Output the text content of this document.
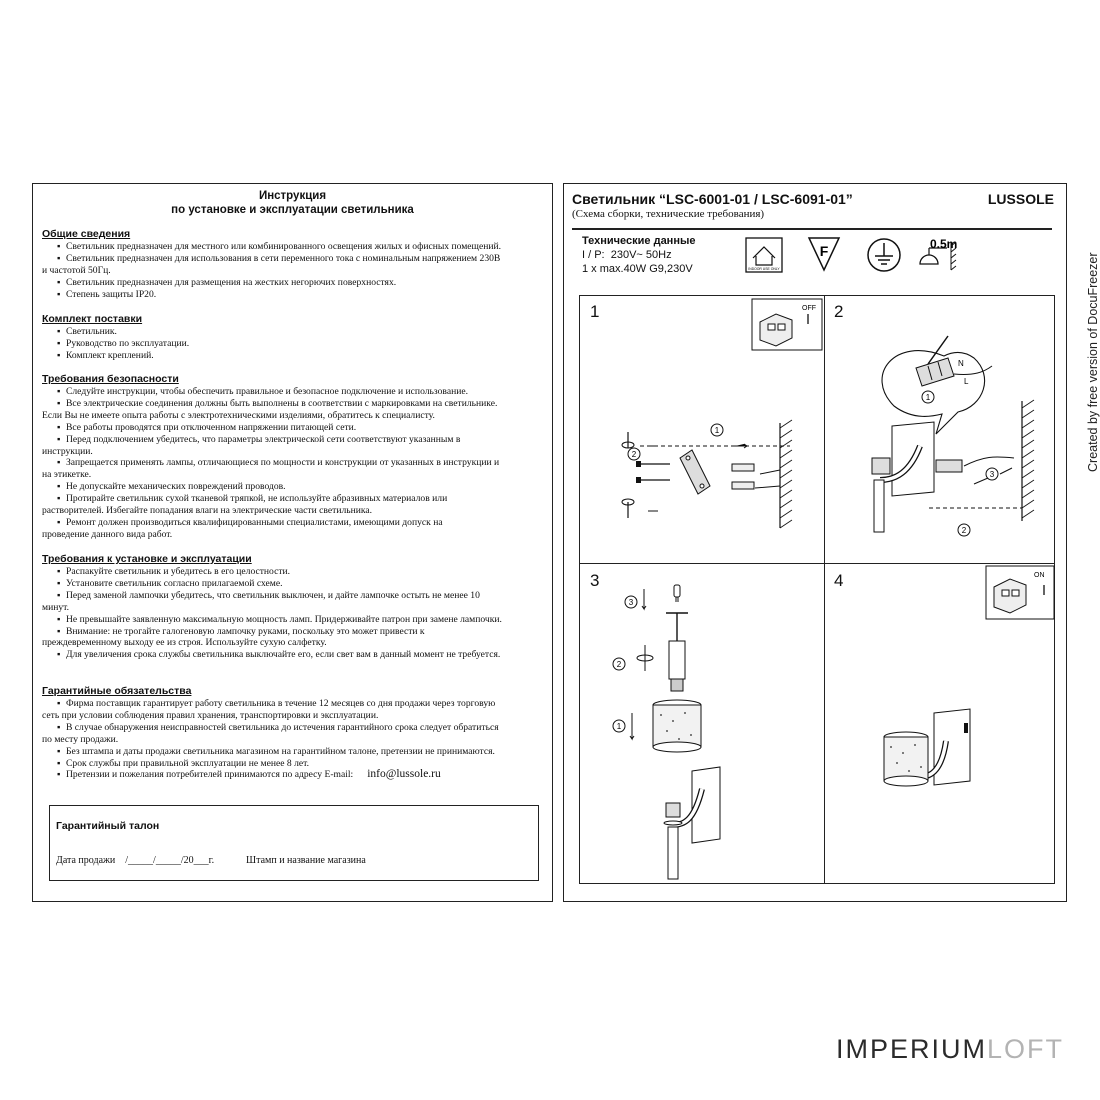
Инструкция
по установке и эксплуатации светильника
Общие сведения
▪ Светильник предназначен для местного или комбинированного освещения жилых и офисных помещений.
▪ Светильник предназначен для использования в сети переменного тока с номинальным напряжением 230В
и частотой 50Гц.
▪ Светильник предназначен для размещения на жестких негорючих поверхностях.
▪ Степень защиты IP20.
Комплект поставки
▪ Светильник.
▪ Руководство по эксплуатации.
▪ Комплект креплений.
Требования безопасности
▪ Следуйте инструкции, чтобы обеспечить правильное и безопасное подключение и использование.
▪ Все электрические соединения должны быть выполнены в соответствии с маркировками на светильнике.
Если Вы не имеете опыта работы с электротехническими изделиями, обратитесь к специалисту.
▪ Все работы проводятся при отключенном напряжении питающей сети.
▪ Перед подключением убедитесь, что параметры электрической сети соответствуют указанным в
инструкции.
▪ Запрещается применять лампы, отличающиеся по мощности и конструкции от указанных в инструкции и
на этикетке.
▪ Не допускайте механических повреждений проводов.
▪ Протирайте светильник сухой тканевой тряпкой, не используйте абразивных материалов или
растворителей. Избегайте попадания влаги на электрические части светильника.
▪ Ремонт должен производиться квалифицированными специалистами, имеющими допуск на
проведение данного вида работ.
Требования к установке и эксплуатации
▪ Распакуйте светильник и убедитесь в его целостности.
▪ Установите светильник согласно прилагаемой схеме.
▪ Перед заменой лампочки убедитесь, что светильник выключен, и дайте лампочке остыть не менее 10
минут.
▪ Не превышайте заявленную максимальную мощность ламп. Придерживайте патрон при замене лампочки.
▪ Внимание: не трогайте галогеновую лампочку руками, поскольку это может привести к
преждевременному выходу ее из строя. Используйте сухую салфетку.
▪ Для увеличения срока службы светильника выключайте его, если свет вам в данный момент не требуется.
Гарантийные обязательства
▪ Фирма поставщик гарантирует работу светильника в течение 12 месяцев со дня продажи через торговую
сеть при условии соблюдения правил хранения, транспортировки и эксплуатации.
▪ В случае обнаружения неисправностей светильника до истечения гарантийного срока следует обратиться
по месту продажи.
▪ Без штампа и даты продажи светильника магазином на гарантийном талоне, претензии не принимаются.
▪ Срок службы при правильной эксплуатации не менее 8 лет.
▪ Претензии и пожелания потребителей принимаются по адресу E-mail: info@lussole.ru
Гарантийный талон
Дата продажи    /_____/_____/20___г.	Штамп и название магазина
Светильник “LSC-6001-01 / LSC-6091-01”	LUSSOLE
(Схема сборки, технические требования)
Технические данные
I / P:  230V~ 50Hz
1 x max.40W G9,230V	INDOOR USE ONLY
F	0.5m
1	OFF
1
2
2
N
L
1
3
2
3
3
2
1
4	ON
Created by free version of DocuFreezer
IMPERIUMLOFT
